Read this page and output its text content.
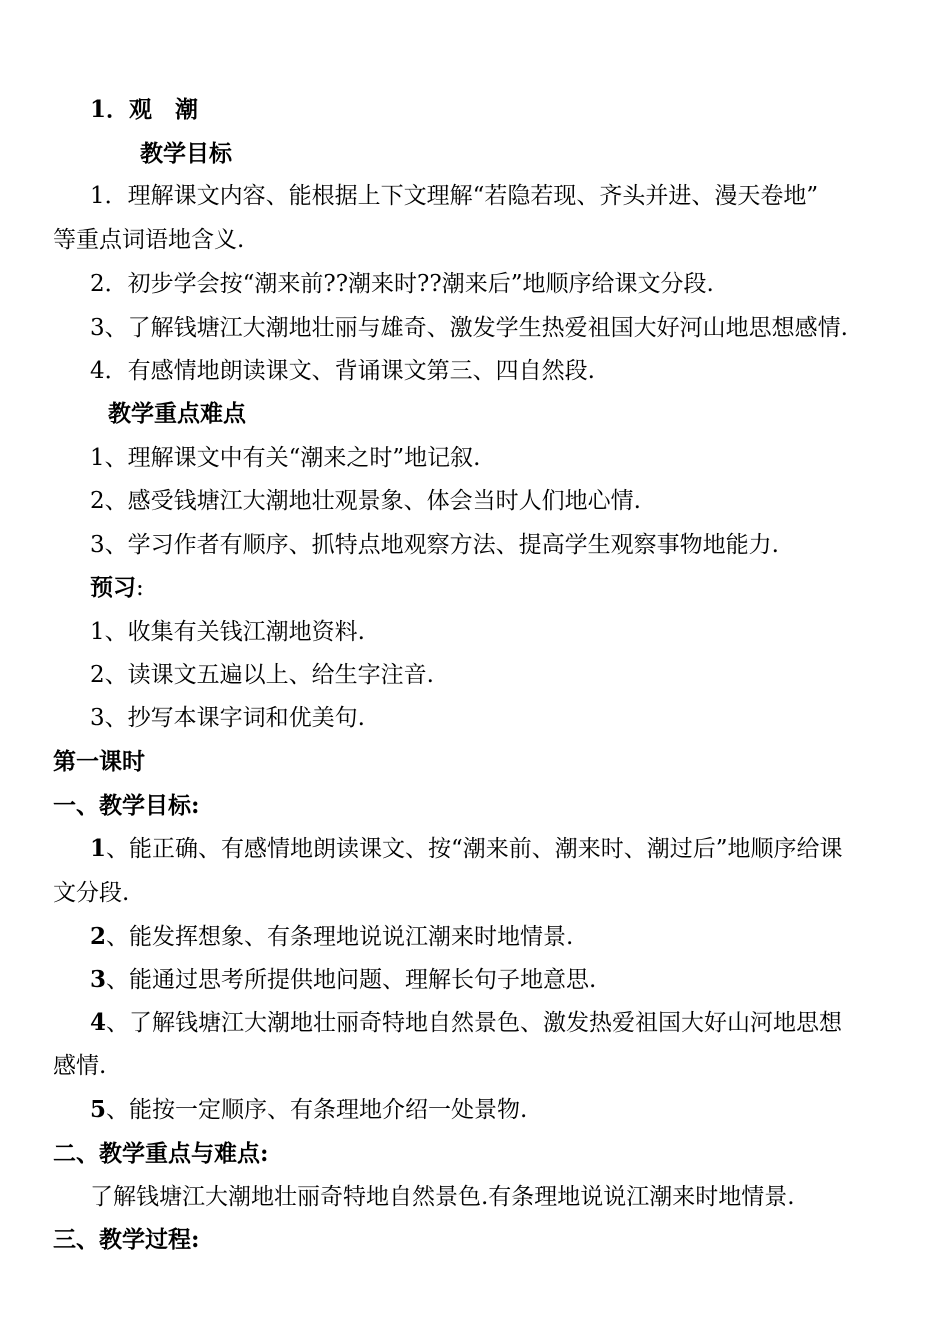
1．观　潮
教学目标
1．理解课文内容、能根据上下文理解“若隐若现、齐头并进、漫天卷地”
等重点词语地含义.
2．初步学会按“潮来前??潮来时??潮来后”地顺序给课文分段.
3、了解钱塘江大潮地壮丽与雄奇、激发学生热爱祖国大好河山地思想感情.
4．有感情地朗读课文、背诵课文第三、四自然段.
教学重点难点
1、理解课文中有关“潮来之时”地记叙.
2、感受钱塘江大潮地壮观景象、体会当时人们地心情.
3、学习作者有顺序、抓特点地观察方法、提高学生观察事物地能力.
预习:
1、收集有关钱江潮地资料.
2、读课文五遍以上、给生字注音.
3、抄写本课字词和优美句.
第一课时
一、教学目标:
1、能正确、有感情地朗读课文、按“潮来前、潮来时、潮过后”地顺序给课
文分段.
2、能发挥想象、有条理地说说江潮来时地情景.
3、能通过思考所提供地问题、理解长句子地意思.
4、了解钱塘江大潮地壮丽奇特地自然景色、激发热爱祖国大好山河地思想
感情.
5、能按一定顺序、有条理地介绍一处景物.
二、教学重点与难点:
了解钱塘江大潮地壮丽奇特地自然景色.有条理地说说江潮来时地情景.
三、教学过程:
